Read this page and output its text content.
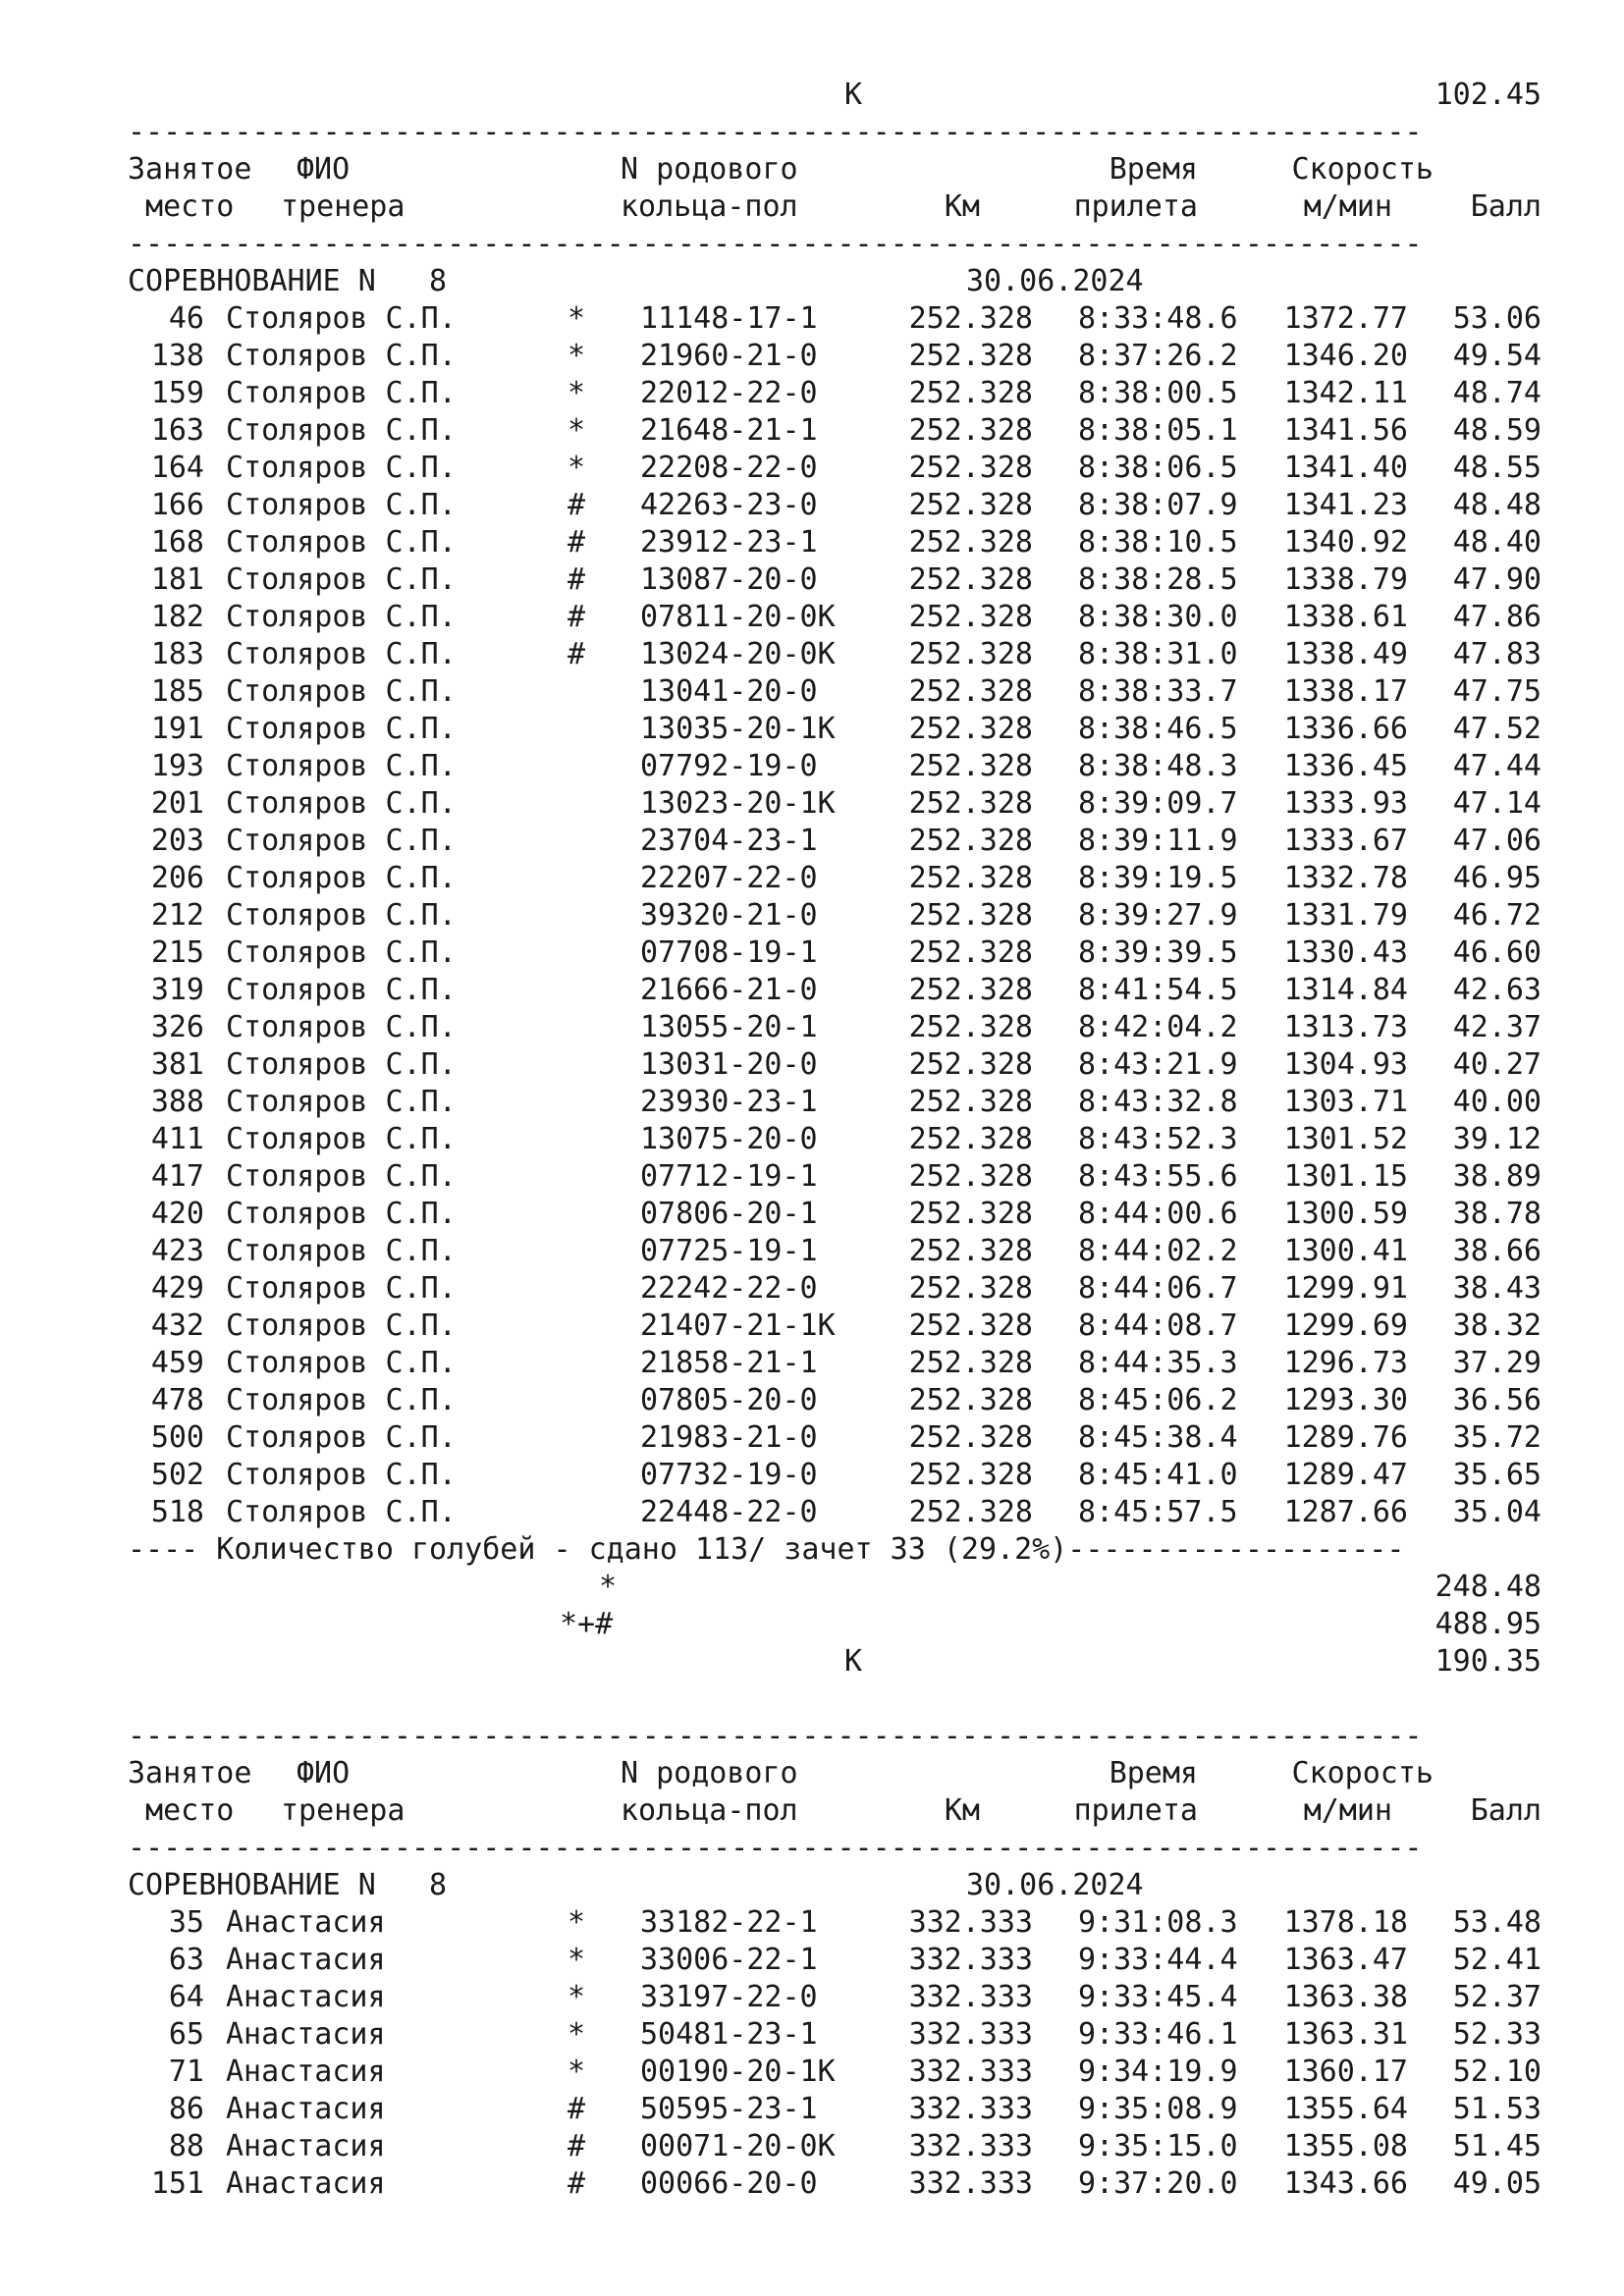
K	102.45
-------------------------------------------------------------------------
Занятое ФИО	N родового	Время	Скорость
место тренера	кольца-пол	Км	прилета	м/мин	Балл
-------------------------------------------------------------------------
СОРЕВНОВАНИЕ N   8	30.06.2024
46 Столяров С.П.	* 11148-17-1	252.328 8:33:48.6 1372.77 53.06
138 Столяров С.П.	* 21960-21-0	252.328 8:37:26.2 1346.20 49.54
159 Столяров С.П.	* 22012-22-0	252.328 8:38:00.5 1342.11 48.74
163 Столяров С.П.	* 21648-21-1	252.328 8:38:05.1 1341.56 48.59
164 Столяров С.П.	* 22208-22-0	252.328 8:38:06.5 1341.40 48.55
166 Столяров С.П.	# 42263-23-0	252.328 8:38:07.9 1341.23 48.48
168 Столяров С.П.	# 23912-23-1	252.328 8:38:10.5 1340.92 48.40
181 Столяров С.П.	# 13087-20-0	252.328 8:38:28.5 1338.79 47.90
182 Столяров С.П.	# 07811-20-0К 252.328 8:38:30.0 1338.61 47.86
183 Столяров С.П.	# 13024-20-0К 252.328 8:38:31.0 1338.49 47.83
185 Столяров С.П.	13041-20-0	252.328 8:38:33.7 1338.17 47.75
191 Столяров С.П.	13035-20-1К 252.328 8:38:46.5 1336.66 47.52
193 Столяров С.П.	07792-19-0	252.328 8:38:48.3 1336.45 47.44
201 Столяров С.П.	13023-20-1К 252.328 8:39:09.7 1333.93 47.14
203 Столяров С.П.	23704-23-1	252.328 8:39:11.9 1333.67 47.06
206 Столяров С.П.	22207-22-0	252.328 8:39:19.5 1332.78 46.95
212 Столяров С.П.	39320-21-0	252.328 8:39:27.9 1331.79 46.72
215 Столяров С.П.	07708-19-1	252.328 8:39:39.5 1330.43 46.60
319 Столяров С.П.	21666-21-0	252.328 8:41:54.5 1314.84 42.63
326 Столяров С.П.	13055-20-1	252.328 8:42:04.2 1313.73 42.37
381 Столяров С.П.	13031-20-0	252.328 8:43:21.9 1304.93 40.27
388 Столяров С.П.	23930-23-1	252.328 8:43:32.8 1303.71 40.00
411 Столяров С.П.	13075-20-0	252.328 8:43:52.3 1301.52 39.12
417 Столяров С.П.	07712-19-1	252.328 8:43:55.6 1301.15 38.89
420 Столяров С.П.	07806-20-1	252.328 8:44:00.6 1300.59 38.78
423 Столяров С.П.	07725-19-1	252.328 8:44:02.2 1300.41 38.66
429 Столяров С.П.	22242-22-0	252.328 8:44:06.7 1299.91 38.43
432 Столяров С.П.	21407-21-1К 252.328 8:44:08.7 1299.69 38.32
459 Столяров С.П.	21858-21-1	252.328 8:44:35.3 1296.73 37.29
478 Столяров С.П.	07805-20-0	252.328 8:45:06.2 1293.30 36.56
500 Столяров С.П.	21983-21-0	252.328 8:45:38.4 1289.76 35.72
502 Столяров С.П.	07732-19-0	252.328 8:45:41.0 1289.47 35.65
518 Столяров С.П.	22448-22-0	252.328 8:45:57.5 1287.66 35.04
---- Количество голубей - сдано 113/ зачет 33 (29.2%)-------------------
*	248.48
*+#	488.95
K	190.35
-------------------------------------------------------------------------
Занятое ФИО	N родового	Время	Скорость
место тренера	кольца-пол	Км	прилета	м/мин	Балл
-------------------------------------------------------------------------
СОРЕВНОВАНИЕ N   8	30.06.2024
35 Анастасия	* 33182-22-1	332.333 9:31:08.3 1378.18 53.48
63 Анастасия	* 33006-22-1	332.333 9:33:44.4 1363.47 52.41
64 Анастасия	* 33197-22-0	332.333 9:33:45.4 1363.38 52.37
65 Анастасия	* 50481-23-1	332.333 9:33:46.1 1363.31 52.33
71 Анастасия	* 00190-20-1К 332.333 9:34:19.9 1360.17 52.10
86 Анастасия	# 50595-23-1	332.333 9:35:08.9 1355.64 51.53
88 Анастасия	# 00071-20-0К 332.333 9:35:15.0 1355.08 51.45
151 Анастасия	# 00066-20-0	332.333 9:37:20.0 1343.66 49.05
